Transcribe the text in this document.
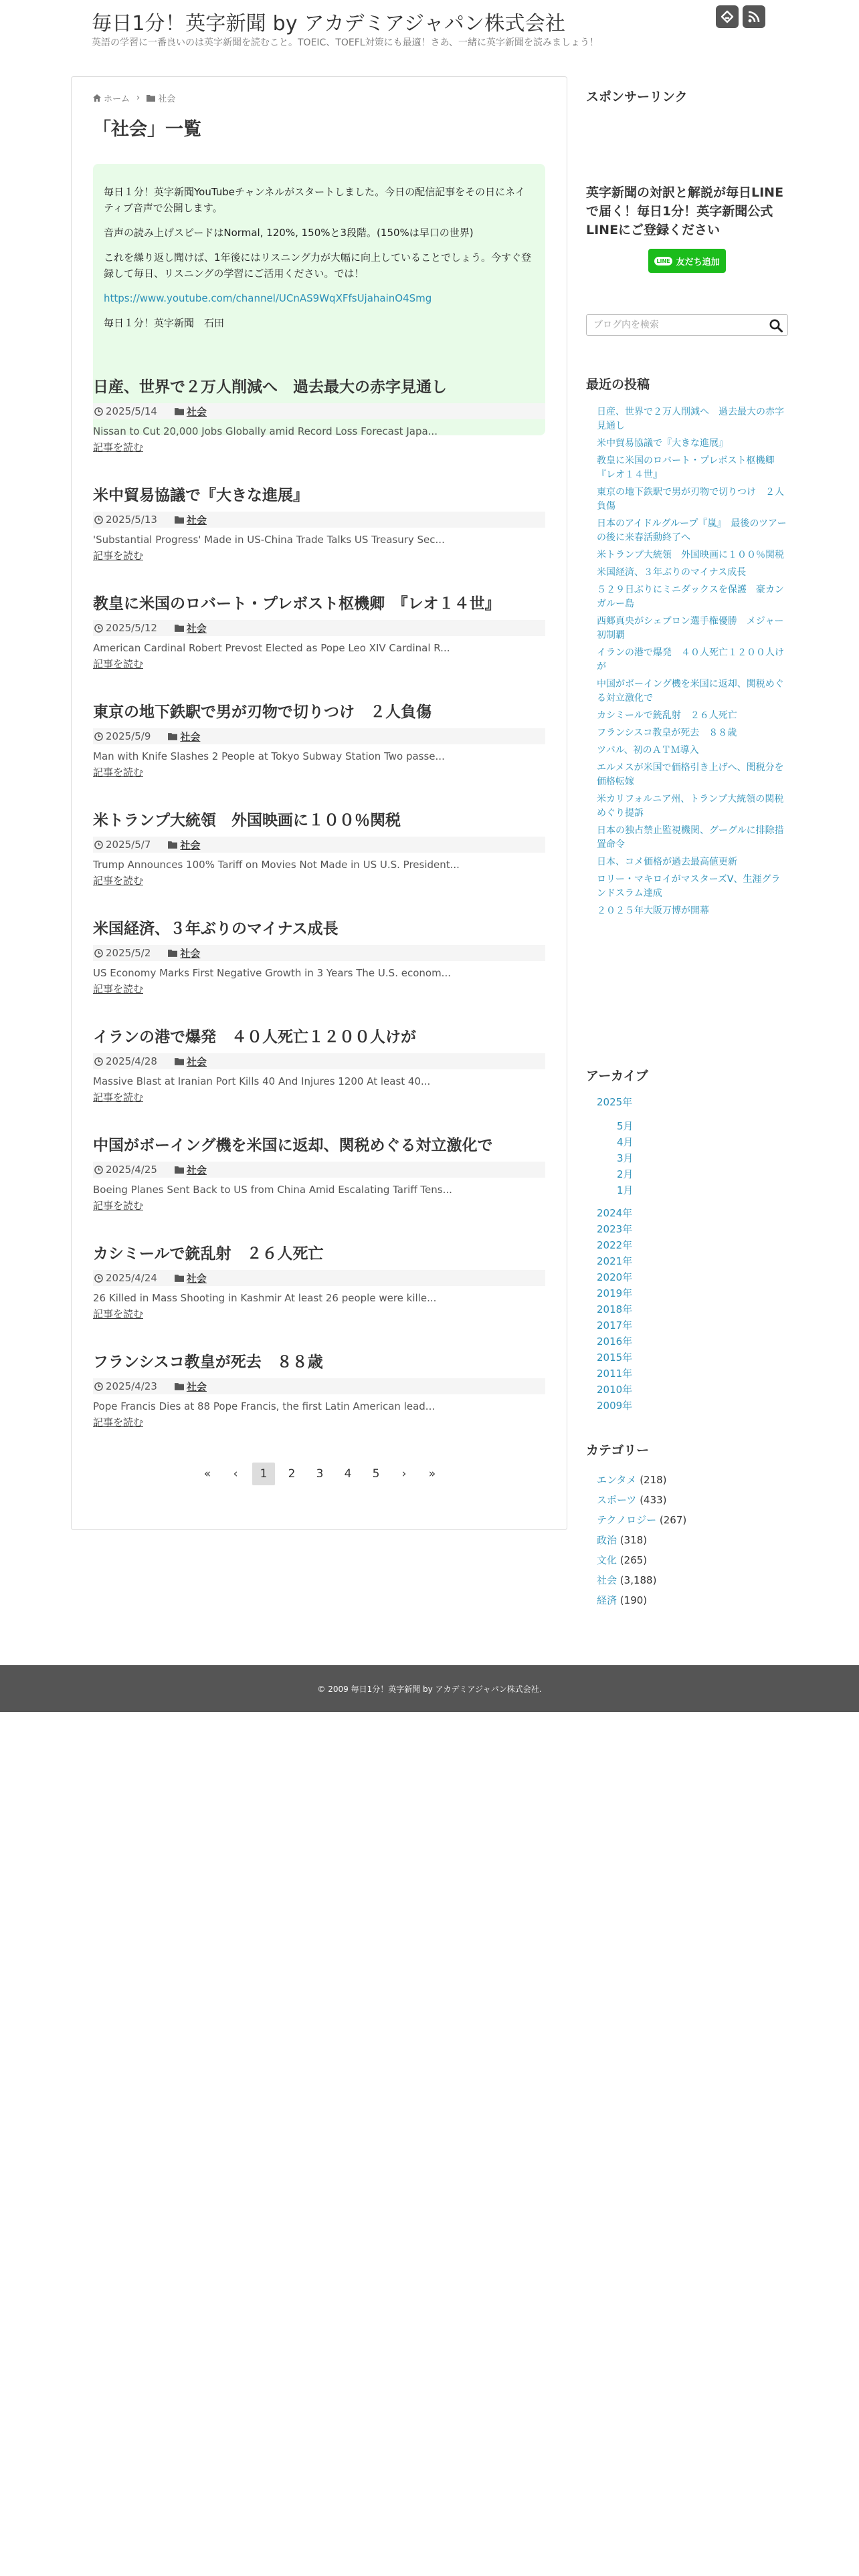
毎日1分！英字新聞 by アカデミアジャパン株式会社
英語の学習に一番良いのは英字新聞を読むこと。TOEIC、TOEFL対策にも最適！さあ、一緒に英字新聞を読みましょう！
ホーム › 社会
「社会」一覧

毎日１分！英字新聞YouTubeチャンネルがスタートしました。今日の配信記事をその日にネイティブ音声で公開します。

音声の読み上げスピードはNormal, 120%, 150%と3段階。(150%は早口の世界)

これを繰り返し聞けば、1年後にはリスニング力が大幅に向上していることでしょう。今すぐ登録して毎日、リスニングの学習にご活用ください。では！

https://www.youtube.com/channel/UCnAS9WqXFfsUjahainO4Smg

毎日１分！英字新聞　石田

日産、世界で２万人削減へ　過去最大の赤字見通し
2025/5/14	社会
Nissan to Cut 20,000 Jobs Globally amid Record Loss Forecast Japa...
記事を読む
米中貿易協議で『大きな進展』
2025/5/13	社会
'Substantial Progress' Made in US-China Trade Talks US Treasury Sec...
記事を読む
教皇に米国のロバート・プレボスト枢機卿　『レオ１４世』
2025/5/12	社会
American Cardinal Robert Prevost Elected as Pope Leo XIV Cardinal R...
記事を読む
東京の地下鉄駅で男が刃物で切りつけ　２人負傷
2025/5/9	社会
Man with Knife Slashes 2 People at Tokyo Subway Station Two passe...
記事を読む
米トランプ大統領　外国映画に１００％関税
2025/5/7	社会
Trump Announces 100% Tariff on Movies Not Made in US U.S. President...
記事を読む
米国経済、３年ぶりのマイナス成長
2025/5/2	社会
US Economy Marks First Negative Growth in 3 Years The U.S. econom...
記事を読む
イランの港で爆発　４０人死亡１２００人けが
2025/4/28	社会
Massive Blast at Iranian Port Kills 40 And Injures 1200 At least 40...
記事を読む
中国がボーイング機を米国に返却、関税めぐる対立激化で
2025/4/25	社会
Boeing Planes Sent Back to US from China Amid Escalating Tariff Tens...
記事を読む
カシミールで銃乱射　２６人死亡
2025/4/24	社会
26 Killed in Mass Shooting in Kashmir At least 26 people were kille...
記事を読む
フランシスコ教皇が死去　８８歳
2025/4/23	社会
Pope Francis Dies at 88 Pope Francis, the first Latin American lead...
記事を読む
«	‹	1	2	3	4	5	›	»
スポンサーリンク
英字新聞の対訳と解説が毎日LINEで届く！毎日1分！英字新聞公式LINEにご登録ください
LINE 友だち追加
ブログ内を検索
最近の投稿
日産、世界で２万人削減へ　過去最大の赤字見通し
米中貿易協議で『大きな進展』
教皇に米国のロバート・プレボスト枢機卿　『レオ１４世』
東京の地下鉄駅で男が刃物で切りつけ　２人負傷
日本のアイドルグループ『嵐』　最後のツアーの後に来春活動終了へ
米トランプ大統領　外国映画に１００％関税
米国経済、３年ぶりのマイナス成長
５２９日ぶりにミニダックスを保護　豪カンガルー島
西郷真央がシェブロン選手権優勝　メジャー初制覇
イランの港で爆発　４０人死亡１２００人けが
中国がボーイング機を米国に返却、関税めぐる対立激化で
カシミールで銃乱射　２６人死亡
フランシスコ教皇が死去　８８歳
ツバル、初のＡＴＭ導入
エルメスが米国で価格引き上げへ、関税分を価格転嫁
米カリフォルニア州、トランプ大統領の関税めぐり提訴
日本の独占禁止監視機関、グーグルに排除措置命令
日本、コメ価格が過去最高値更新
ロリー・マキロイがマスターズV、生涯グランドスラム達成
２０２５年大阪万博が開幕
アーカイブ
2025年
5月
4月
3月
2月
1月
2024年
2023年
2022年
2021年
2020年
2019年
2018年
2017年
2016年
2015年
2011年
2010年
2009年
カテゴリー
エンタメ (218)
スポーツ (433)
テクノロジー (267)
政治 (318)
文化 (265)
社会 (3,188)
経済 (190)
© 2009 毎日1分！英字新聞 by アカデミアジャパン株式会社.
